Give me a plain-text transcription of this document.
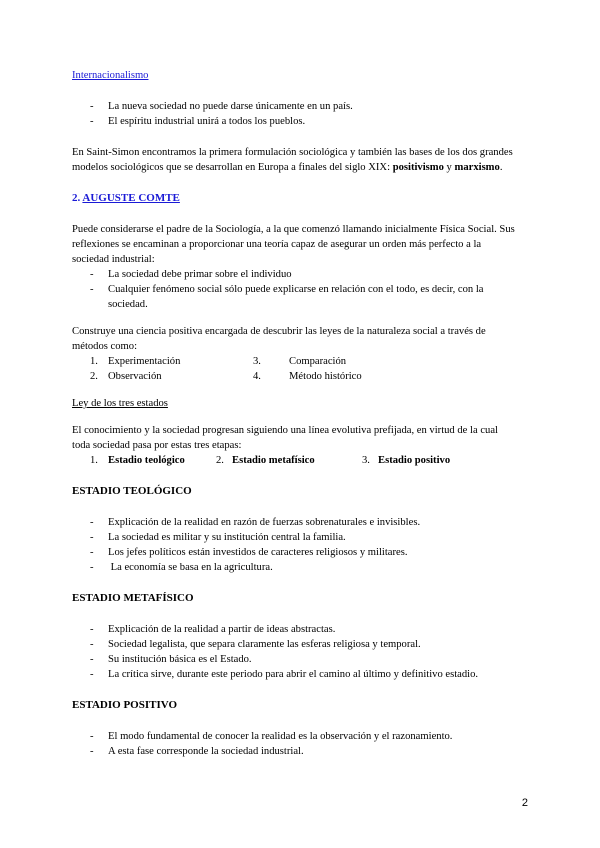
Internacionalismo

- La nueva sociedad no puede darse únicamente en un país.
- El espíritu industrial unirá a todos los pueblos.

En Saint-Simon encontramos la primera formulación sociológica y también las bases de los dos grandes modelos sociológicos que se desarrollan en Europa a finales del siglo XIX: positivismo y marxismo.

2. AUGUSTE COMTE

Puede considerarse el padre de la Sociología, a la que comenzó llamando inicialmente Física Social. Sus reflexiones se encaminan a proporcionar una teoría capaz de asegurar un orden más perfecto a la sociedad industrial:

- La sociedad debe primar sobre el individuo
- Cualquier fenómeno social sólo puede explicarse en relación con el todo, es decir, con la sociedad.

Construye una ciencia positiva encargada de descubrir las leyes de la naturaleza social a través de métodos como:

1. Experimentación	3.	Comparación
2. Observación	4.	Método histórico

Ley de los tres estados

El conocimiento y la sociedad progresan siguiendo una línea evolutiva prefijada, en virtud de la cual toda sociedad pasa por estas tres etapas:

1. Estadio teológico	2. Estadio metafísico	3. Estadio positivo

ESTADIO TEOLÓGICO

- Explicación de la realidad en razón de fuerzas sobrenaturales e invisibles.
- La sociedad es militar y su institución central la familia.
- Los jefes políticos están investidos de caracteres religiosos y militares.
- La economía se basa en la agricultura.

ESTADIO METAFÍSICO

- Explicación de la realidad a partir de ideas abstractas.
- Sociedad legalista, que separa claramente las esferas religiosa y temporal.
- Su institución básica es el Estado.
- La crítica sirve, durante este periodo para abrir el camino al último y definitivo estadio.

ESTADIO POSITIVO

- El modo fundamental de conocer la realidad es la observación y el razonamiento.
- A esta fase corresponde la sociedad industrial.
2
